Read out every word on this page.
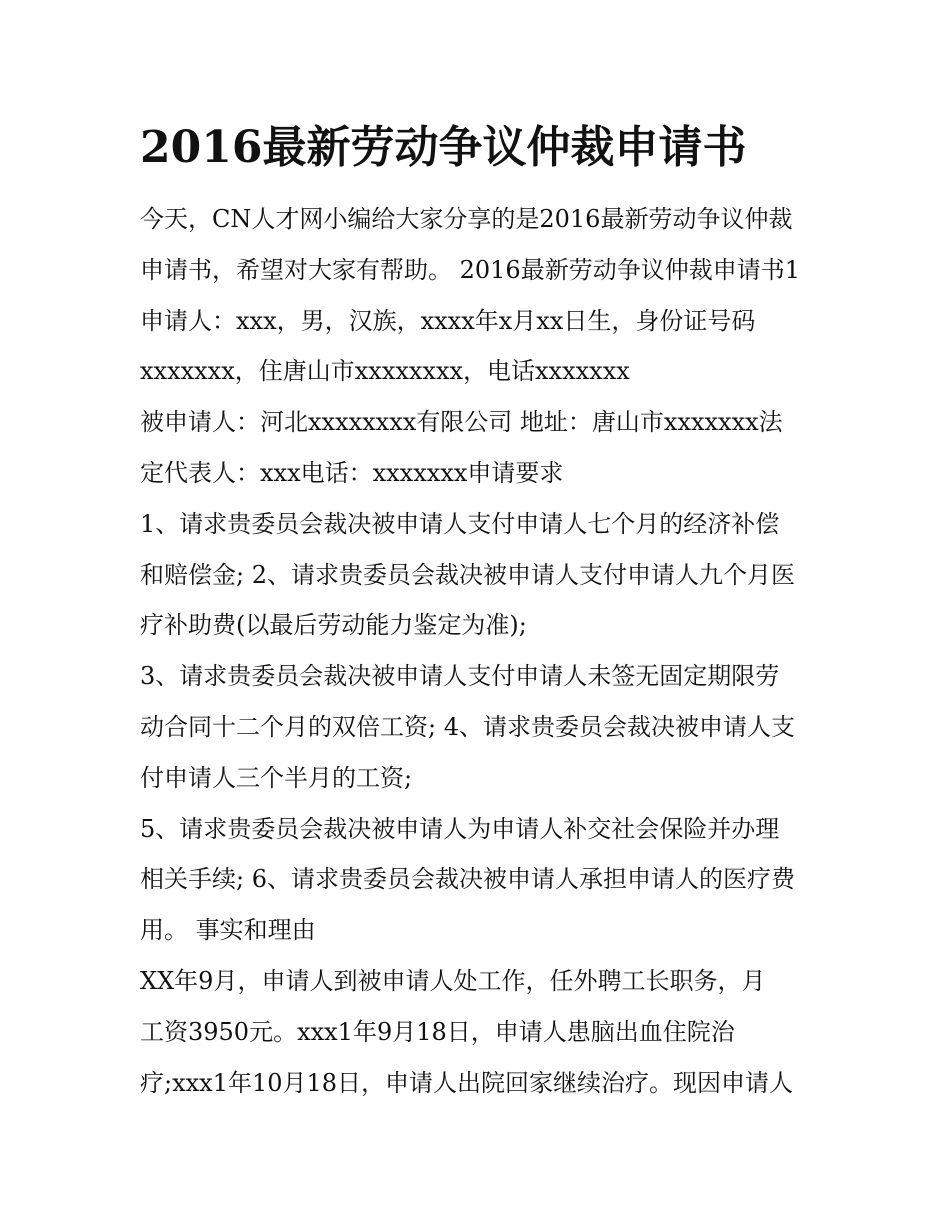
2016最新劳动争议仲裁申请书
今天，CN人才网小编给大家分享的是2016最新劳动争议仲裁
申请书，希望对大家有帮助。 2016最新劳动争议仲裁申请书1
申请人：xxx，男，汉族，xxxx年x月xx日生，身份证号码
xxxxxxx，住唐山市xxxxxxxx，电话xxxxxxx
被申请人：河北xxxxxxxx有限公司 地址：唐山市xxxxxxx法
定代表人：xxx电话：xxxxxxx申请要求
1、请求贵委员会裁决被申请人支付申请人七个月的经济补偿
和赔偿金; 2、请求贵委员会裁决被申请人支付申请人九个月医
疗补助费(以最后劳动能力鉴定为准);
3、请求贵委员会裁决被申请人支付申请人未签无固定期限劳
动合同十二个月的双倍工资; 4、请求贵委员会裁决被申请人支
付申请人三个半月的工资;
5、请求贵委员会裁决被申请人为申请人补交社会保险并办理
相关手续; 6、请求贵委员会裁决被申请人承担申请人的医疗费
用。 事实和理由
XX年9月，申请人到被申请人处工作，任外聘工长职务，月
工资3950元。xxx1年9月18日，申请人患脑出血住院治
疗;xxx1年10月18日，申请人出院回家继续治疗。现因申请人
